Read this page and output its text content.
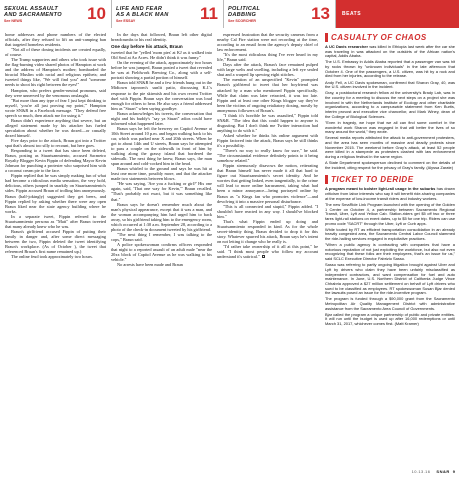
SEXUAL ASSAULT
AND SACRAMENTO
See NEWS	10 LIFE AND FEAR
AS A BLACK MAN
See ESSAY	11 POLITICAL
DABBING
See SCORCHER	13 BEATS

home addresses and phone numbers of the elected officials, after they refused to lift an anti-camping ban that targeted homeless residents.

"Not all of these doxing incidents are created equally, of course.

The Trump supporters and others who took issue with the flag-burning video shared photos of Hampton at work and the address of Hampton's mother; bombarded the biracial Muslim with racial and religious epithets; and tweeted things like, "We will find you" and "someone needs to shoot his right between the eyes!"

Hampton, who prefers gender-neutral pronouns, said they were unnerved by the venomous onslaught.

"But more than any type of fear I just kept thinking to myself, 'you're all just proving my point,'" Hampton wrote SN&R in a Facebook message. "They defend free speech so much, then attack me for using it."

Braun didn't experience anything that severe, but an alleged statement made by his attacker has fueled speculation about whether he was doxed—or casually doxed himself.

Five days prior to the attack, Braun got into a Twitter spat that's almost too silly to recount, but here goes.

Responding to a tweet that has since been deleted, Braun, posting as Stuartsanmiento, accused Sacmetro Royalty Blogger Kevin Fippin of defending Mayor Kevin Johnson for punching a protester who surprised him with a coconut cream pie to the face.

Fippin replied that he was simply making fun of what had become a ridiculous media sensation, the very bold, delicious, others jumped in snarkily on Stuartsanmiento's sides. Fippin accused Braun of trolling him anonymously. Braun (half-jokingly) suggested they get beers, and Fippin replied by asking whether there were any open Braun liked near the state agency building where he works.

In a separate tweet, Fippin referred to the Stuartsanmiento persona as "Matt" after Braun tweeted that many already knew who he was.

Braun's girlfriend accused Fippin of putting their family in danger and, after some direct messaging between the two, Fippin deleted the tweet identifying Braun's workplace. (As of October ), the tweet that referenced Braun's first name remained up.)

The online feud took approximately two hours.

In the days that followed, Braun left other digital breadcrumbs to his real identity.

One day before his attack, Braun

tweeted that he "yelled 'mom pies' at KJ as it walked into Old Soul at Ao Acres. He didn't think it was funny."

On the evening of the attack, approximately two hours before he was jumped, Braun posted a tweet that revealed he was at Fieldwork Brewing Co., along with a self-portrait showing a partial portion of himself.

Braun told SN&R he and a few friends hung out in the Midtown taproom's sunlit patio, discussing K.J.'s response to the pie skirmish and his own recent Twitter duel with Fippin. Braun says the conversation was loud enough for others to hear. He also says a friend addressed him as "Stuart" when saying goodbye.

Braun acknowledges his tweets, the conversation that night and his buddy's "say ya Stuart" adios could have informed what happened later.

Braun says he left the brewery on Capitol Avenue at 10th Street around 10 p.m. and began walking back to his car, which was parked near X and 20th streets. When he got to about 14th and U streets, Braun says he attempted to pass a couple on the sidewalk in front of him by walking along the grassy island that bordered the sidewalk. The next thing he knew, Braun says, the man spun around and cold-cocked him in the head.

Braun whirled to the ground and says he was hit at least one more time, possibly more, and that the attacker made two statements between blows.

"He was saying, 'Are you a fucking or girl?' His one again, said, 'That one way for Kevin,'" Braun recalled. "That's probably not exact, but it was something like that."

Braun says he doesn't remember much about the man's physical appearance, except that it was a man, and the woman accompanying him had urged him to back away, so his girlfriend taking him to the emergency room, which occurred at 1:30 a.m. September 28, according to a photo of the check-in document tweeted by his girlfriend.

"The next thing I remember, I was talking to the cops," Braun said.

A police spokeswoman confirms officers responded that night to a reported assault of an adult male "near the 20xx block of Capitol Avenue as he was walking to his vehicle."

No arrests have been made and Braun

expressed frustration that the security cameras from a nearby Cal Fire station were not recording at the time, according to an email from the agency's deputy chief of law enforcement.

"It's the most ridiculous thing I've ever heard in my life," Braun said.

Days after the attack, Braun's face remained pulped with large welts and swelling, including a left eye sealed shut and a warped lip spewing eight stitches.

The mention of an unspecified "Kevin" prompted Braun's girlfriend to tweet that her boyfriend was attacked by a man who mentioned Fippin specifically. While that claim was later retracted, it was too late. Fippin and at least one other Kings blogger say they've been the victims of ongoing retaliatory doxing, mostly by anonymous followers of Braun's.

"I think it's horrible he was assaulted," Fippin told SN&R. "The idea that this could happen to anyone is disgusting. But I don't think me Twitter interaction had anything to do with it."

Asked whether he thinks his online argument with Fippin factored into the attack, Braun says he still thinks it's a possibility.

"There's no way to really know for sure," he said. "The circumstantial evidence definitely points to it being somehow related."

Fippin strenuously disavows the notion, reiterating that Braun himself has never made it all that hard to figure out Stuartsanmiento's secret identity. And he worries that getting linked, even tangentially, to the crime will lead to more online harassment, taking what had been a minor annoyance—being portrayed online by Braun as "a Kings fan who promotes violence"—and devolving it into a massive personal disturbance.

"This is all connected and stupid," Fippin added. "I shouldn't have reacted in any way. I should've blocked him."

That's what Fippin ended up doing and Stuartsanmiento responded in kind. As for the whole secret-identity thing, Braun decided to drop it for this story. Whatever spurred his attack, Braun says he's intent on not letting it change who he really is.

"I'd rather take ownership of it all at this point," he said. "I think most people who follow my account understand it's satirical."

CASUALTY OF CHAOS

A UC Davis researcher was killed in Ethiopia last week after the car she was traveling in was attacked on the outskirts of the African nation's capital, Addis Ababa.

The U.S. Embassy in Addis Ababa reported that a passenger van was hit by rocks thrown by "unknown individuals" in the late afternoon that October 4. One of the passengers, a U.S. citizen, was hit by a rock and died from her injuries, according to the release.

Andy Fell, a UC Davis spokesman, confirmed that Sharon Gray, 40, was the U.S. citizen involved in the incident.

Gray, a postdoctoral research fellow at the university's Brady Lab, was in the country for a meeting to discuss the next steps on a project she was involved in with the Netherlands Institute of Ecology and other charitable organizations, according to a campuswide statement from Ken Burtis, interim provost and executive vice chancellor, and Mark Winey, dean of the College of Biological Sciences.

"Even in tragedy, we hope that we all can find some comfort in the wonderful work Sharon was engaged in that will better the lives of so many around the world," they wrote.

Several media reports attributed the attack to anti-government protesters, and the area has seen months of massive and deadly protests since November 2015. The weekend before Gray's attack, at least 52 people were killed in a stampede as protesters clashed with law enforcement during a religious festival in the same region.

A State Department spokesperson declined to comment on the details of the incident, citing respect for the privacy of Gray's family. (Alyssa Zarate)

TICKET TO DERIDE

A program meant to bolster light-rail usage in the suburbs has drawn criticism from labor interests who say it will benefit ride-sharing companies at the expense of low-income transit riders and industry workers.

The new SmaRide Link Program launched with the opening of the Golden 1 Center on October 4, a partnership between Sacramento Regional Transit, Uber, Lyft and Yellow Cab. Station-riders get $5 off two or three fares light-rail stations on event dates, up to $5 for one trip. Riders can use promo code "SACRT" through the Uber, Lyft or Curb apps.

While touted by RT as efficient transportation consolidation in an already heavily congested area, the Sacramento Central Labor Council slammed the ride-hailing services engaged in exploitative practices.

"When a public agency is contracting with companies that have a notorious reputation of not just exploiting the workforce, but also not even recognizing that these folks are their employees, that's an issue for us," said SCLC Executive Director Fabrizio Sasso.

Sasso was referring to partly ongoing litigation brought against Uber and Lyft by drivers who claim they have been unfairly misclassified as independent contractors, and want compensation for fuel and auto maintenance. In June, U.S. Northern District of California Judge Vince Chhabria approved a $27 million settlement on behalf of Lyft drivers who sued to be classified as employees. RT spokeswoman Susan Bjar denied the lawsuits posed an issue for the ride-incentive program.

The program is funded through a $90,000 grant from the Sacramento Metropolitan Air Quality Management District with administrative assistance from the Sacramento Area Council of Governments.

Bjar called the program a unique partnership of public and private entities. It will run until the budget is used up after 16,000 redemptions or until March 31, 2017, whichever comes first. (Matt Kramer)

10.13.16 SN&R 9
